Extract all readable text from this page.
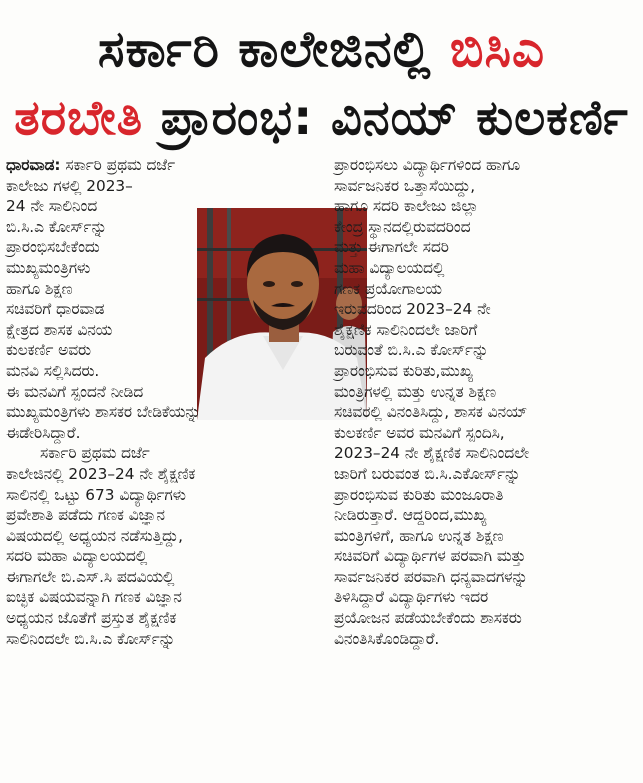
ಸರ್ಕಾರಿ ಕಾಲೇಜಿನಲ್ಲಿ ಬಿಸಿಎ
ತರಬೇತಿ ಪ್ರಾರಂಭ: ವಿನಯ್ ಕುಲಕರ್ಣಿ

ಧಾರವಾಡ: ಸರ್ಕಾರಿ ಪ್ರಥಮ ದರ್ಜೆ

ಕಾಲೇಜು ಗಳಲ್ಲಿ 2023–

24 ನೇ ಸಾಲಿನಿಂದ

ಬಿ.ಸಿ.ಎ ಕೋರ್ಸ್‌ನ್ನು

ಪ್ರಾರಂಭಿಸಬೇಕೆಂದು

ಮುಖ್ಯಮಂತ್ರಿಗಳು

ಹಾಗೂ ಶಿಕ್ಷಣ

ಸಚಿವರಿಗೆ ಧಾರವಾಡ

ಕ್ಷೇತ್ರದ ಶಾಸಕ ವಿನಯ

ಕುಲಕರ್ಣಿ ಅವರು

ಮನವಿ ಸಲ್ಲಿಸಿದರು.

ಈ ಮನವಿಗೆ ಸ್ಪಂದನೆ ನೀಡಿದ

ಮುಖ್ಯಮಂತ್ರಿಗಳು ಶಾಸಕರ ಬೇಡಿಕೆಯನ್ನು

ಈಡೇರಿಸಿದ್ದಾರೆ.

ಸರ್ಕಾರಿ ಪ್ರಥಮ ದರ್ಜೆ

ಕಾಲೇಜಿನಲ್ಲಿ 2023–24 ನೇ ಶೈಕ್ಷಣಿಕ

ಸಾಲಿನಲ್ಲಿ ಒಟ್ಟು 673 ವಿದ್ಯಾರ್ಥಿಗಳು

ಪ್ರವೇಶಾತಿ ಪಡೆದು ಗಣಕ ವಿಜ್ಞಾನ

ವಿಷಯದಲ್ಲಿ ಅಧ್ಯಯನ ನಡೆಸುತ್ತಿದ್ದು,

ಸದರಿ ಮಹಾ ವಿದ್ಯಾಲಯದಲ್ಲಿ

ಈಗಾಗಲೇ ಬಿ.ಎಸ್.ಸಿ ಪದವಿಯಲ್ಲಿ

ಐಚ್ಛಿಕ ವಿಷಯವನ್ನಾಗಿ ಗಣಕ ವಿಜ್ಞಾನ

ಅಧ್ಯಯನ ಜೊತೆಗೆ ಪ್ರಸ್ತುತ ಶೈಕ್ಷಣಿಕ

ಸಾಲಿನಿಂದಲೇ ಬಿ.ಸಿ.ಎ ಕೋರ್ಸ್‌ನ್ನು

ಪ್ರಾರಂಭಿಸಲು ವಿದ್ಯಾರ್ಥಿಗಳಿಂದ ಹಾಗೂ

ಸಾರ್ವಜನಿಕರ ಒತ್ತಾಸೆಯಿದ್ದು,

ಹಾಗೂ ಸದರಿ ಕಾಲೇಜು ಜಿಲ್ಲಾ

ಕೇಂದ್ರ ಸ್ಥಾನದಲ್ಲಿರುವದರಿಂದ

ಮತ್ತು ಈಗಾಗಲೇ ಸದರಿ

ಮಹಾ ವಿದ್ಯಾಲಯದಲ್ಲಿ

ಗಣಕ ಪ್ರಯೋಗಾಲಯ

ಇರುವದರಿಂದ 2023–24 ನೇ

ಶೈಕ್ಷಣಿಕ ಸಾಲಿನಿಂದಲೇ ಜಾರಿಗೆ

ಬರುವಂತೆ ಬಿ.ಸಿ.ಎ ಕೋರ್ಸ್‌ನ್ನು

ಪ್ರಾರಂಭಿಸುವ ಕುರಿತು,ಮುಖ್ಯ

ಮಂತ್ರಿಗಳಲ್ಲಿ ಮತ್ತು ಉನ್ನತ ಶಿಕ್ಷಣ

ಸಚಿವರಲ್ಲಿ ವಿನಂತಿಸಿದ್ದು, ಶಾಸಕ ವಿನಯ್

ಕುಲಕರ್ಣಿ ಅವರ ಮನವಿಗೆ ಸ್ಪಂದಿಸಿ,

2023–24 ನೇ ಶೈಕ್ಷಣಿಕ ಸಾಲಿನಿಂದಲೇ

ಜಾರಿಗೆ ಬರುವಂತ ಬಿ.ಸಿ.ಎಕೋರ್ಸ್‌ನ್ನು

ಪ್ರಾರಂಭಿಸುವ ಕುರಿತು ಮಂಜೂರಾತಿ

ನೀಡಿರುತ್ತಾರೆ. ಆದ್ದರಿಂದ,ಮುಖ್ಯ

ಮಂತ್ರಿಗಳಿಗೆ, ಹಾಗೂ ಉನ್ನತ ಶಿಕ್ಷಣ

ಸಚಿವರಿಗೆ ವಿದ್ಯಾರ್ಥಿಗಳ ಪರವಾಗಿ ಮತ್ತು

ಸಾರ್ವಜನಿಕರ ಪರವಾಗಿ ಧನ್ಯವಾದಗಳನ್ನು

ತಿಳಿಸಿದ್ದಾರೆ ವಿದ್ಯಾರ್ಥಿಗಳು ಇದರ

ಪ್ರಯೋಜನ ಪಡೆಯಬೇಕೆಂದು ಶಾಸಕರು

ವಿನಂತಿಸಿಕೊಂಡಿದ್ದಾರೆ.
